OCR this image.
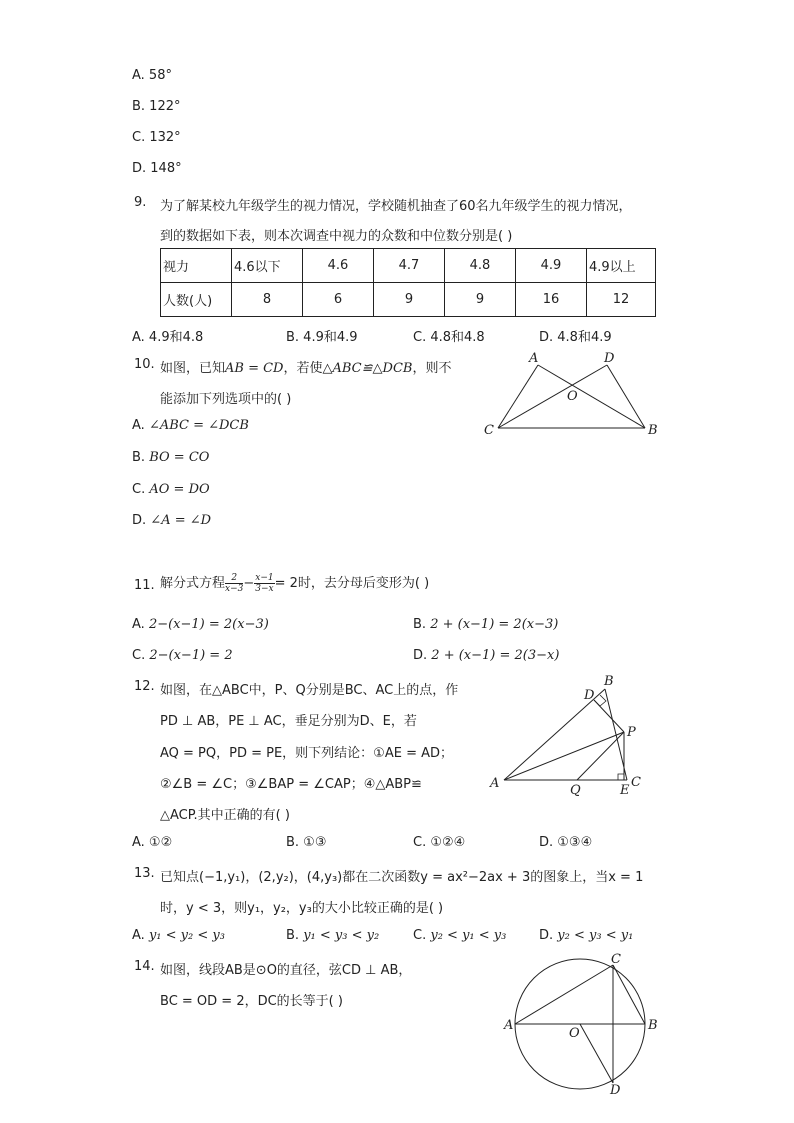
A. 58°
B. 122°
C. 132°
D. 148°
9. 为了解某校九年级学生的视力情况，学校随机抽查了60名九年级学生的视力情况，
到的数据如下表，则本次调查中视力的众数和中位数分别是( )
视力	4.6以下	4.6	4.7	4.8	4.9	4.9以上
人数(人)	8	6	9	9	16	12
A. 4.9和4.8	B. 4.9和4.9	C. 4.8和4.8	D. 4.8和4.9
10. 如图，已知AB = CD，若使△ABC≌△DCB，则不
能添加下列选项中的( )
A. ∠ABC = ∠DCB
B. BO = CO
C. AO = DO
D. ∠A = ∠D
A	D
O
C	B
11. 解分式方程 $\frac{2}{x-3} - \frac{x-1}{3-x} = 2$时，去分母后变形为( )
A. 2−(x−1) = 2(x−3)	B. 2 + (x−1) = 2(x−3)
C. 2−(x−1) = 2	D. 2 + (x−1) = 2(3−x)
12. 如图，在△ABC中，P、Q分别是BC、AC上的点，作
PD ⊥ AB，PE ⊥ AC，垂足分别为D、E，若
AQ = PQ，PD = PE，则下列结论：①AE = AD；
②∠B = ∠C；③∠BAP = ∠CAP；④△ABP≌
△ACP.其中正确的有( )
A. ①②	B. ①③	C. ①②④	D. ①③④
A
B
D
P
C
Q	E
13. 已知点(−1,y₁)，(2,y₂)，(4,y₃)都在二次函数y = ax²−2ax + 3的图象上，当x = 1
时，y < 3，则y₁，y₂，y₃的大小比较正确的是( )
A. y₁ < y₂ < y₃	B. y₁ < y₃ < y₂	C. y₂ < y₁ < y₃	D. y₂ < y₃ < y₁
14. 如图，线段AB是⊙O的直径，弦CD ⊥ AB，
BC = OD = 2，DC的长等于( )
A	B
C
D
O
